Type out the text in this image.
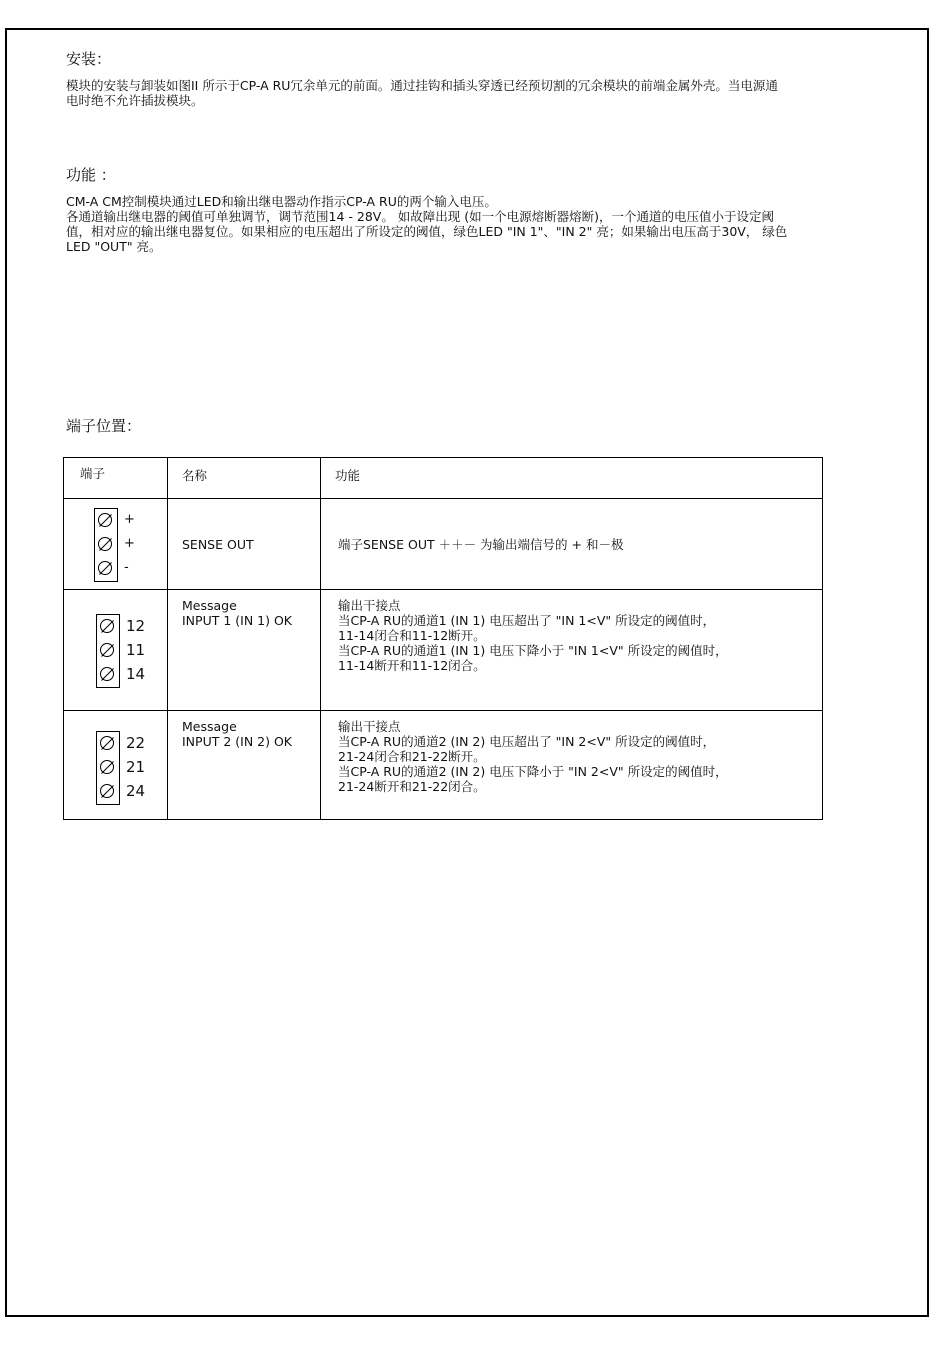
安装：

模块的安装与卸装如图II 所示于CP-A RU冗余单元的前面。通过挂钩和插头穿透已经预切割的冗余模块的前端金属外壳。当电源通
电时绝不允许插拔模块。

功能 ：

CM-A CM控制模块通过LED和输出继电器动作指示CP-A RU的两个输入电压。
各通道输出继电器的阈值可单独调节，调节范围14 - 28V。 如故障出现 (如一个电源熔断器熔断)，一个通道的电压值小于设定阈
值，相对应的输出继电器复位。如果相应的电压超出了所设定的阈值，绿色LED "IN 1"、"IN 2" 亮；如果输出电压高于30V， 绿色
LED "OUT" 亮。

端子位置：
端子	名称	功能

+
+
-	SENSE OUT	端子SENSE OUT ＋＋－ 为输出端信号的 + 和－极

12
11
14	Message
INPUT 1 (IN 1) OK	输出干接点
当CP-A RU的通道1 (IN 1) 电压超出了 "IN 1<V" 所设定的阈值时，
11-14闭合和11-12断开。
当CP-A RU的通道1 (IN 1) 电压下降小于 "IN 1<V" 所设定的阈值时，
11-14断开和11-12闭合。

22
21
24	Message
INPUT 2 (IN 2) OK	输出干接点
当CP-A RU的通道2 (IN 2) 电压超出了 "IN 2<V" 所设定的阈值时，
21-24闭合和21-22断开。
当CP-A RU的通道2 (IN 2) 电压下降小于 "IN 2<V" 所设定的阈值时，
21-24断开和21-22闭合。
